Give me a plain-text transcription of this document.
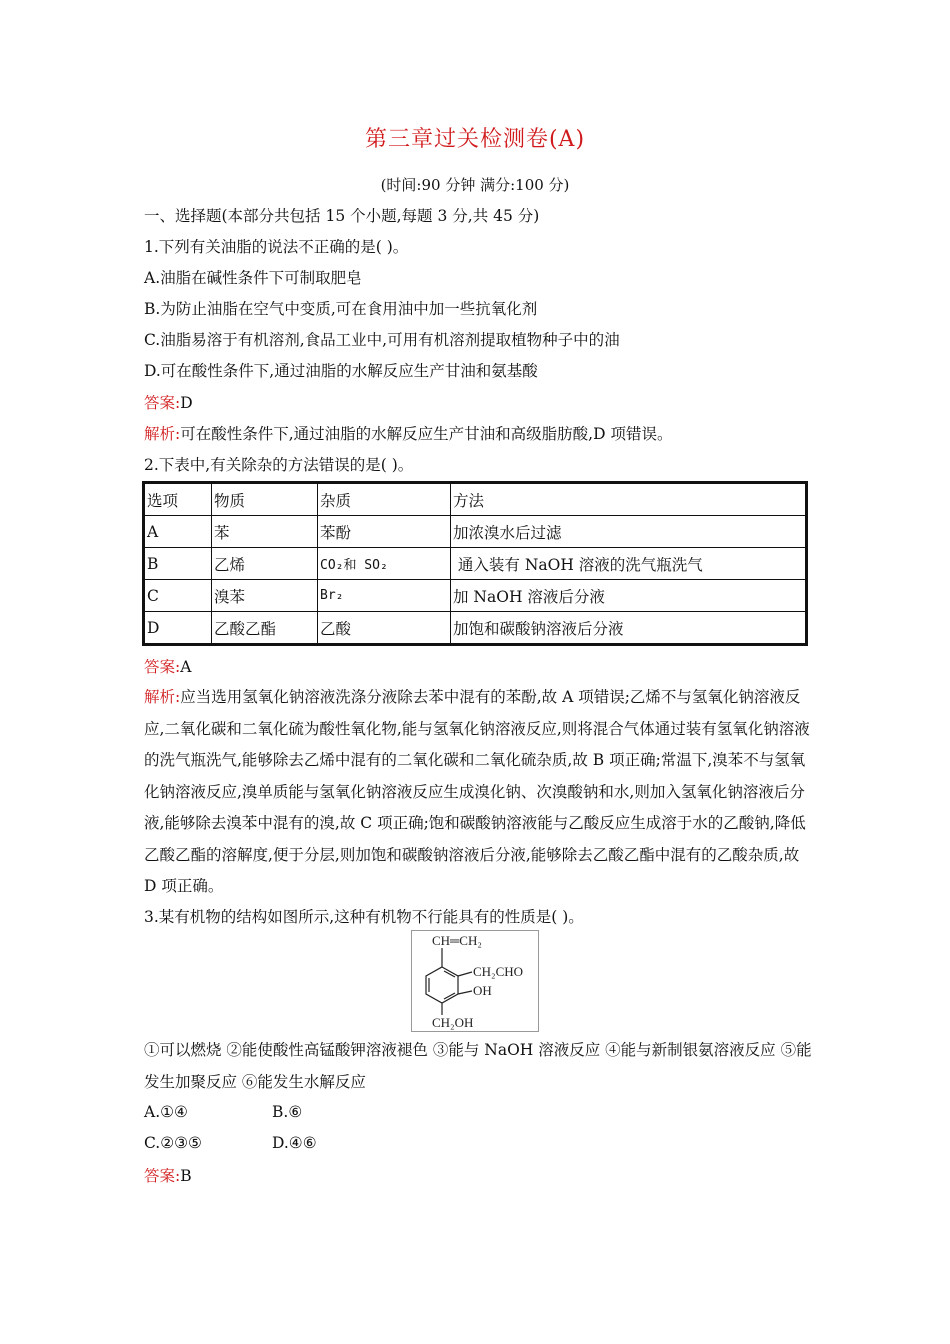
第三章过关检测卷(A)
(时间:90 分钟 满分:100 分)
一、选择题(本部分共包括 15 个小题,每题 3 分,共 45 分)
1.下列有关油脂的说法不正确的是( )。
A.油脂在碱性条件下可制取肥皂
B.为防止油脂在空气中变质,可在食用油中加一些抗氧化剂
C.油脂易溶于有机溶剂,食品工业中,可用有机溶剂提取植物种子中的油
D.可在酸性条件下,通过油脂的水解反应生产甘油和氨基酸
答案:D
解析:可在酸性条件下,通过油脂的水解反应生产甘油和高级脂肪酸,D 项错误。
2.下表中,有关除杂的方法错误的是( )。
选项	物质	杂质	方法
A	苯	苯酚	加浓溴水后过滤
B	乙烯	CO₂和 SO₂	通入装有 NaOH 溶液的洗气瓶洗气
C	溴苯	Br₂	加 NaOH 溶液后分液
D	乙酸乙酯	乙酸	加饱和碳酸钠溶液后分液
答案:A
解析:应当选用氢氧化钠溶液洗涤分液除去苯中混有的苯酚,故 A 项错误;乙烯不与氢氧化钠溶液反应,二氧化碳和二氧化硫为酸性氧化物,能与氢氧化钠溶液反应,则将混合气体通过装有氢氧化钠溶液的洗气瓶洗气,能够除去乙烯中混有的二氧化碳和二氧化硫杂质,故 B 项正确;常温下,溴苯不与氢氧化钠溶液反应,溴单质能与氢氧化钠溶液反应生成溴化钠、次溴酸钠和水,则加入氢氧化钠溶液后分液,能够除去溴苯中混有的溴,故 C 项正确;饱和碳酸钠溶液能与乙酸反应生成溶于水的乙酸钠,降低乙酸乙酯的溶解度,便于分层,则加饱和碳酸钠溶液后分液,能够除去乙酸乙酯中混有的乙酸杂质,故 D 项正确。
3.某有机物的结构如图所示,这种有机物不行能具有的性质是( )。
CH═CH₂
CH₂CHO
OH
CH₂OH
①可以燃烧 ②能使酸性高锰酸钾溶液褪色 ③能与 NaOH 溶液反应 ④能与新制银氨溶液反应 ⑤能发生加聚反应 ⑥能发生水解反应
A.①④	B.⑥
C.②③⑤	D.④⑥
答案:B
